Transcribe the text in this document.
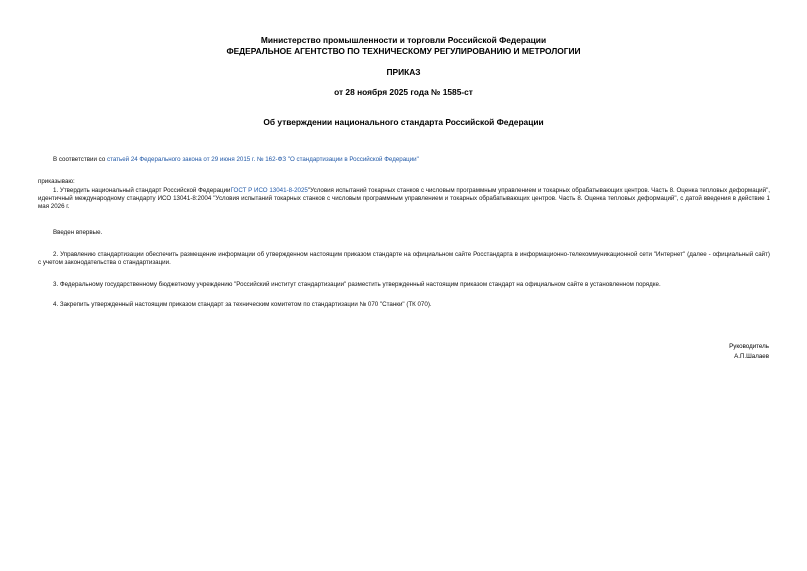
Министерство промышленности и торговли Российской Федерации
ФЕДЕРАЛЬНОЕ АГЕНТСТВО ПО ТЕХНИЧЕСКОМУ РЕГУЛИРОВАНИЮ И МЕТРОЛОГИИ
ПРИКАЗ
от 28 ноября 2025 года № 1585-ст
Об утверждении национального стандарта Российской Федерации
В соответствии со статьей 24 Федерального закона от 29 июня 2015 г. № 162-ФЗ "О стандартизации в Российской Федерации"
приказываю:
1. Утвердить национальный стандарт Российской ФедерацииГОСТ Р ИСО 13041-8-2025"Условия испытаний токарных станков с числовым программным управлением и токарных обрабатывающих центров. Часть 8. Оценка тепловых деформаций", идентичный международному стандарту ИСО 13041-8:2004 "Условия испытаний токарных станков с числовым программным управлением и токарных обрабатывающих центров. Часть 8. Оценка тепловых деформаций", с датой введения в действие 1 мая 2026 г.
Введен впервые.
2. Управлению стандартизации обеспечить размещение информации об утвержденном настоящим приказом стандарте на официальном сайте Росстандарта в информационно-телекоммуникационной сети "Интернет" (далее - официальный сайт) с учетом законодательства о стандартизации.
3. Федеральному государственному бюджетному учреждению "Российский институт стандартизации" разместить утвержденный настоящим приказом стандарт на официальном сайте в установленном порядке.
4. Закрепить утвержденный настоящим приказом стандарт за техническим комитетом по стандартизации № 070 "Станки" (ТК 070).
Руководитель
А.П.Шалаев
